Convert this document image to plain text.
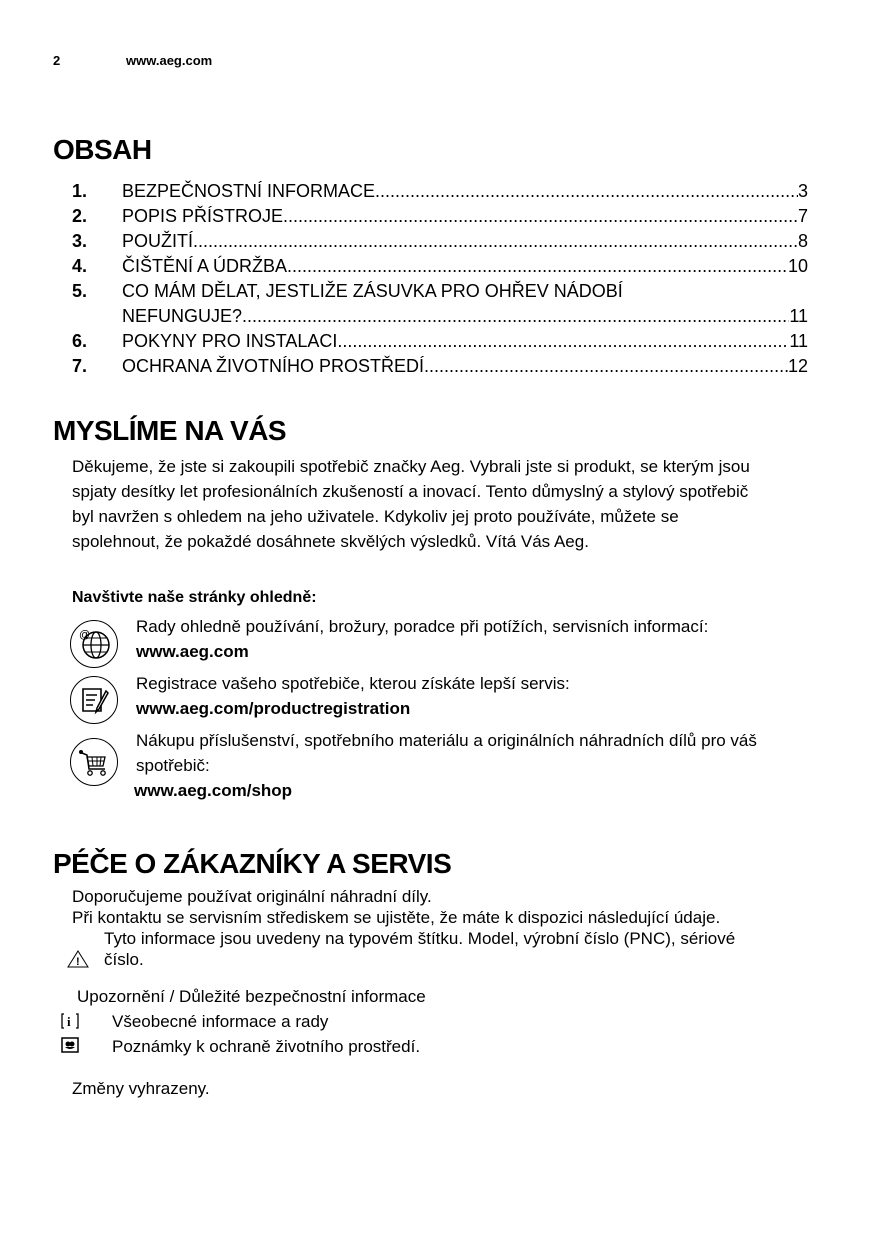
2	www.aeg.com
OBSAH
1.	BEZPEČNOSTNÍ INFORMACE .....	3
2.	POPIS PŘÍSTROJE .....	7
3.	POUŽITÍ .....	8
4.	ČIŠTĚNÍ A ÚDRŽBA .....	10
5.	CO MÁM DĚLAT, JESTLIŽE ZÁSUVKA PRO OHŘEV NÁDOBÍ
NEFUNGUJE? .....	11
6.	POKYNY PRO INSTALACI .....	11
7.	OCHRANA ŽIVOTNÍHO PROSTŘEDÍ .....	12
MYSLÍME NA VÁS
Děkujeme, že jste si zakoupili spotřebič značky Aeg. Vybrali jste si produkt, se kterým jsou
spjaty desítky let profesionálních zkušeností a inovací. Tento důmyslný a stylový spotřebič
byl navržen s ohledem na jeho uživatele. Kdykoliv jej proto používáte, můžete se
spolehnout, že pokaždé dosáhnete skvělých výsledků. Vítá Vás Aeg.
Navštivte naše stránky ohledně:
@	Rady ohledně používání, brožury, poradce při potížích, servisních informací:
www.aeg.com
Registrace vašeho spotřebiče, kterou získáte lepší servis:
www.aeg.com/productregistration
Nákupu příslušenství, spotřebního materiálu a originálních náhradních dílů pro váš
spotřebič:
www.aeg.com/shop
PÉČE O ZÁKAZNÍKY A SERVIS
Doporučujeme používat originální náhradní díly.
Při kontaktu se servisním střediskem se ujistěte, že máte k dispozici následující údaje.
Tyto informace jsou uvedeny na typovém štítku. Model, výrobní číslo (PNC), sériové
! číslo.
Upozornění / Důležité bezpečnostní informace
i Všeobecné informace a rady
Poznámky k ochraně životního prostředí.
Změny vyhrazeny.
